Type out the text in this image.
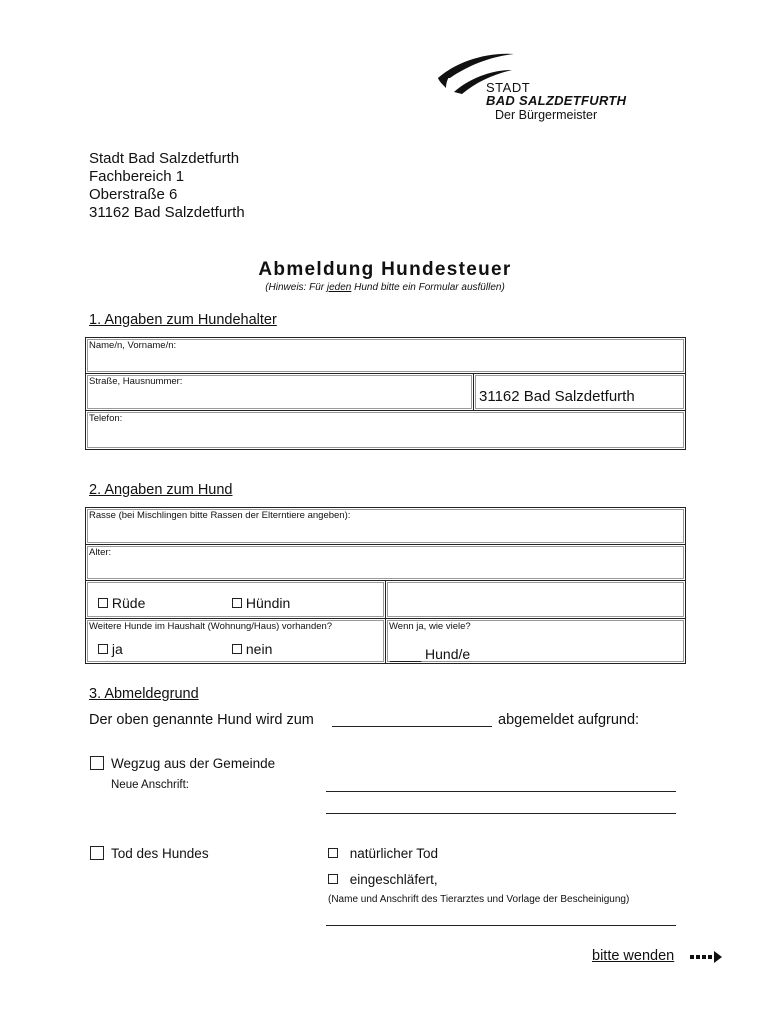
STADT
BAD SALZDETFURTH
Der Bürgermeister
Stadt Bad Salzdetfurth
Fachbereich 1
Oberstraße 6
31162 Bad Salzdetfurth
Abmeldung Hundesteuer
(Hinweis: Für jeden Hund bitte ein Formular ausfüllen)
1. Angaben zum Hundehalter
Name/n, Vorname/n:
Straße, Hausnummer:
31162 Bad Salzdetfurth
Telefon:
2. Angaben zum Hund
Rasse (bei Mischlingen bitte Rassen der Elterntiere angeben):
Alter:
Rüde	Hündin
Weitere Hunde im Haushalt (Wohnung/Haus) vorhanden?
ja	nein
Wenn ja, wie viele?
____ Hund/e
3. Abmeldegrund
Der oben genannte Hund wird zum	abgemeldet aufgrund:
Wegzug aus der Gemeinde
Neue Anschrift:
Tod des Hundes	natürlicher Tod
eingeschläfert,
(Name und Anschrift des Tierarztes und Vorlage der Bescheinigung)
bitte wenden
